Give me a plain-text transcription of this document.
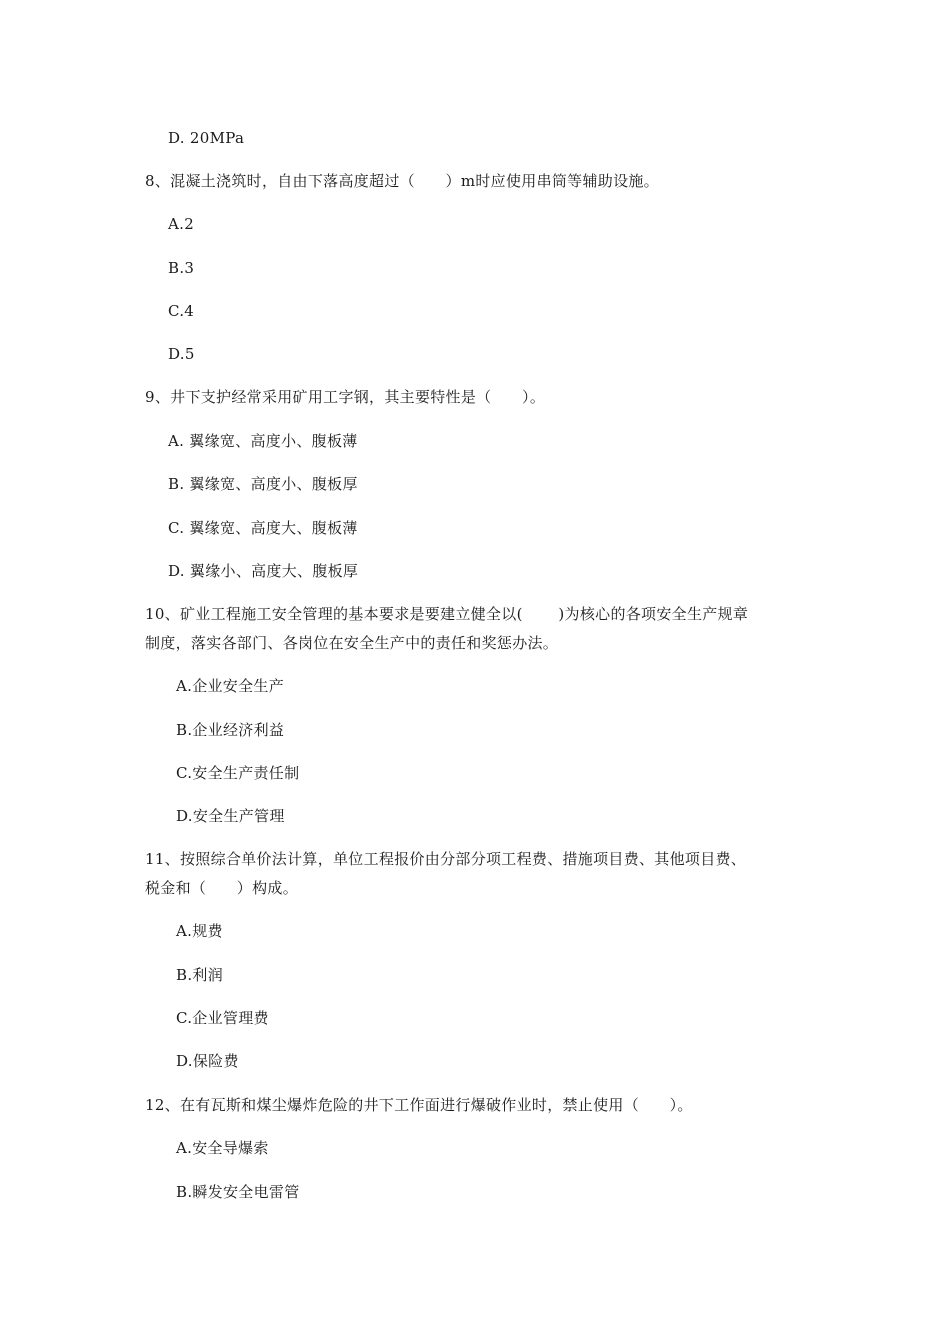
D. 20MPa
8、混凝土浇筑时，自由下落高度超过（　　）m时应使用串筒等辅助设施。
A.2
B.3
C.4
D.5
9、井下支护经常采用矿用工字钢，其主要特性是（　　）。
A. 翼缘宽、高度小、腹板薄
B. 翼缘宽、高度小、腹板厚
C. 翼缘宽、高度大、腹板薄
D. 翼缘小、高度大、腹板厚
10、矿业工程施工安全管理的基本要求是要建立健全以(　　 )为核心的各项安全生产规章
制度，落实各部门、各岗位在安全生产中的责任和奖惩办法。
A.企业安全生产
B.企业经济利益
C.安全生产责任制
D.安全生产管理
11、按照综合单价法计算，单位工程报价由分部分项工程费、措施项目费、其他项目费、
税金和（　　）构成。
A.规费
B.利润
C.企业管理费
D.保险费
12、在有瓦斯和煤尘爆炸危险的井下工作面进行爆破作业时，禁止使用（　　）。
A.安全导爆索
B.瞬发安全电雷管
